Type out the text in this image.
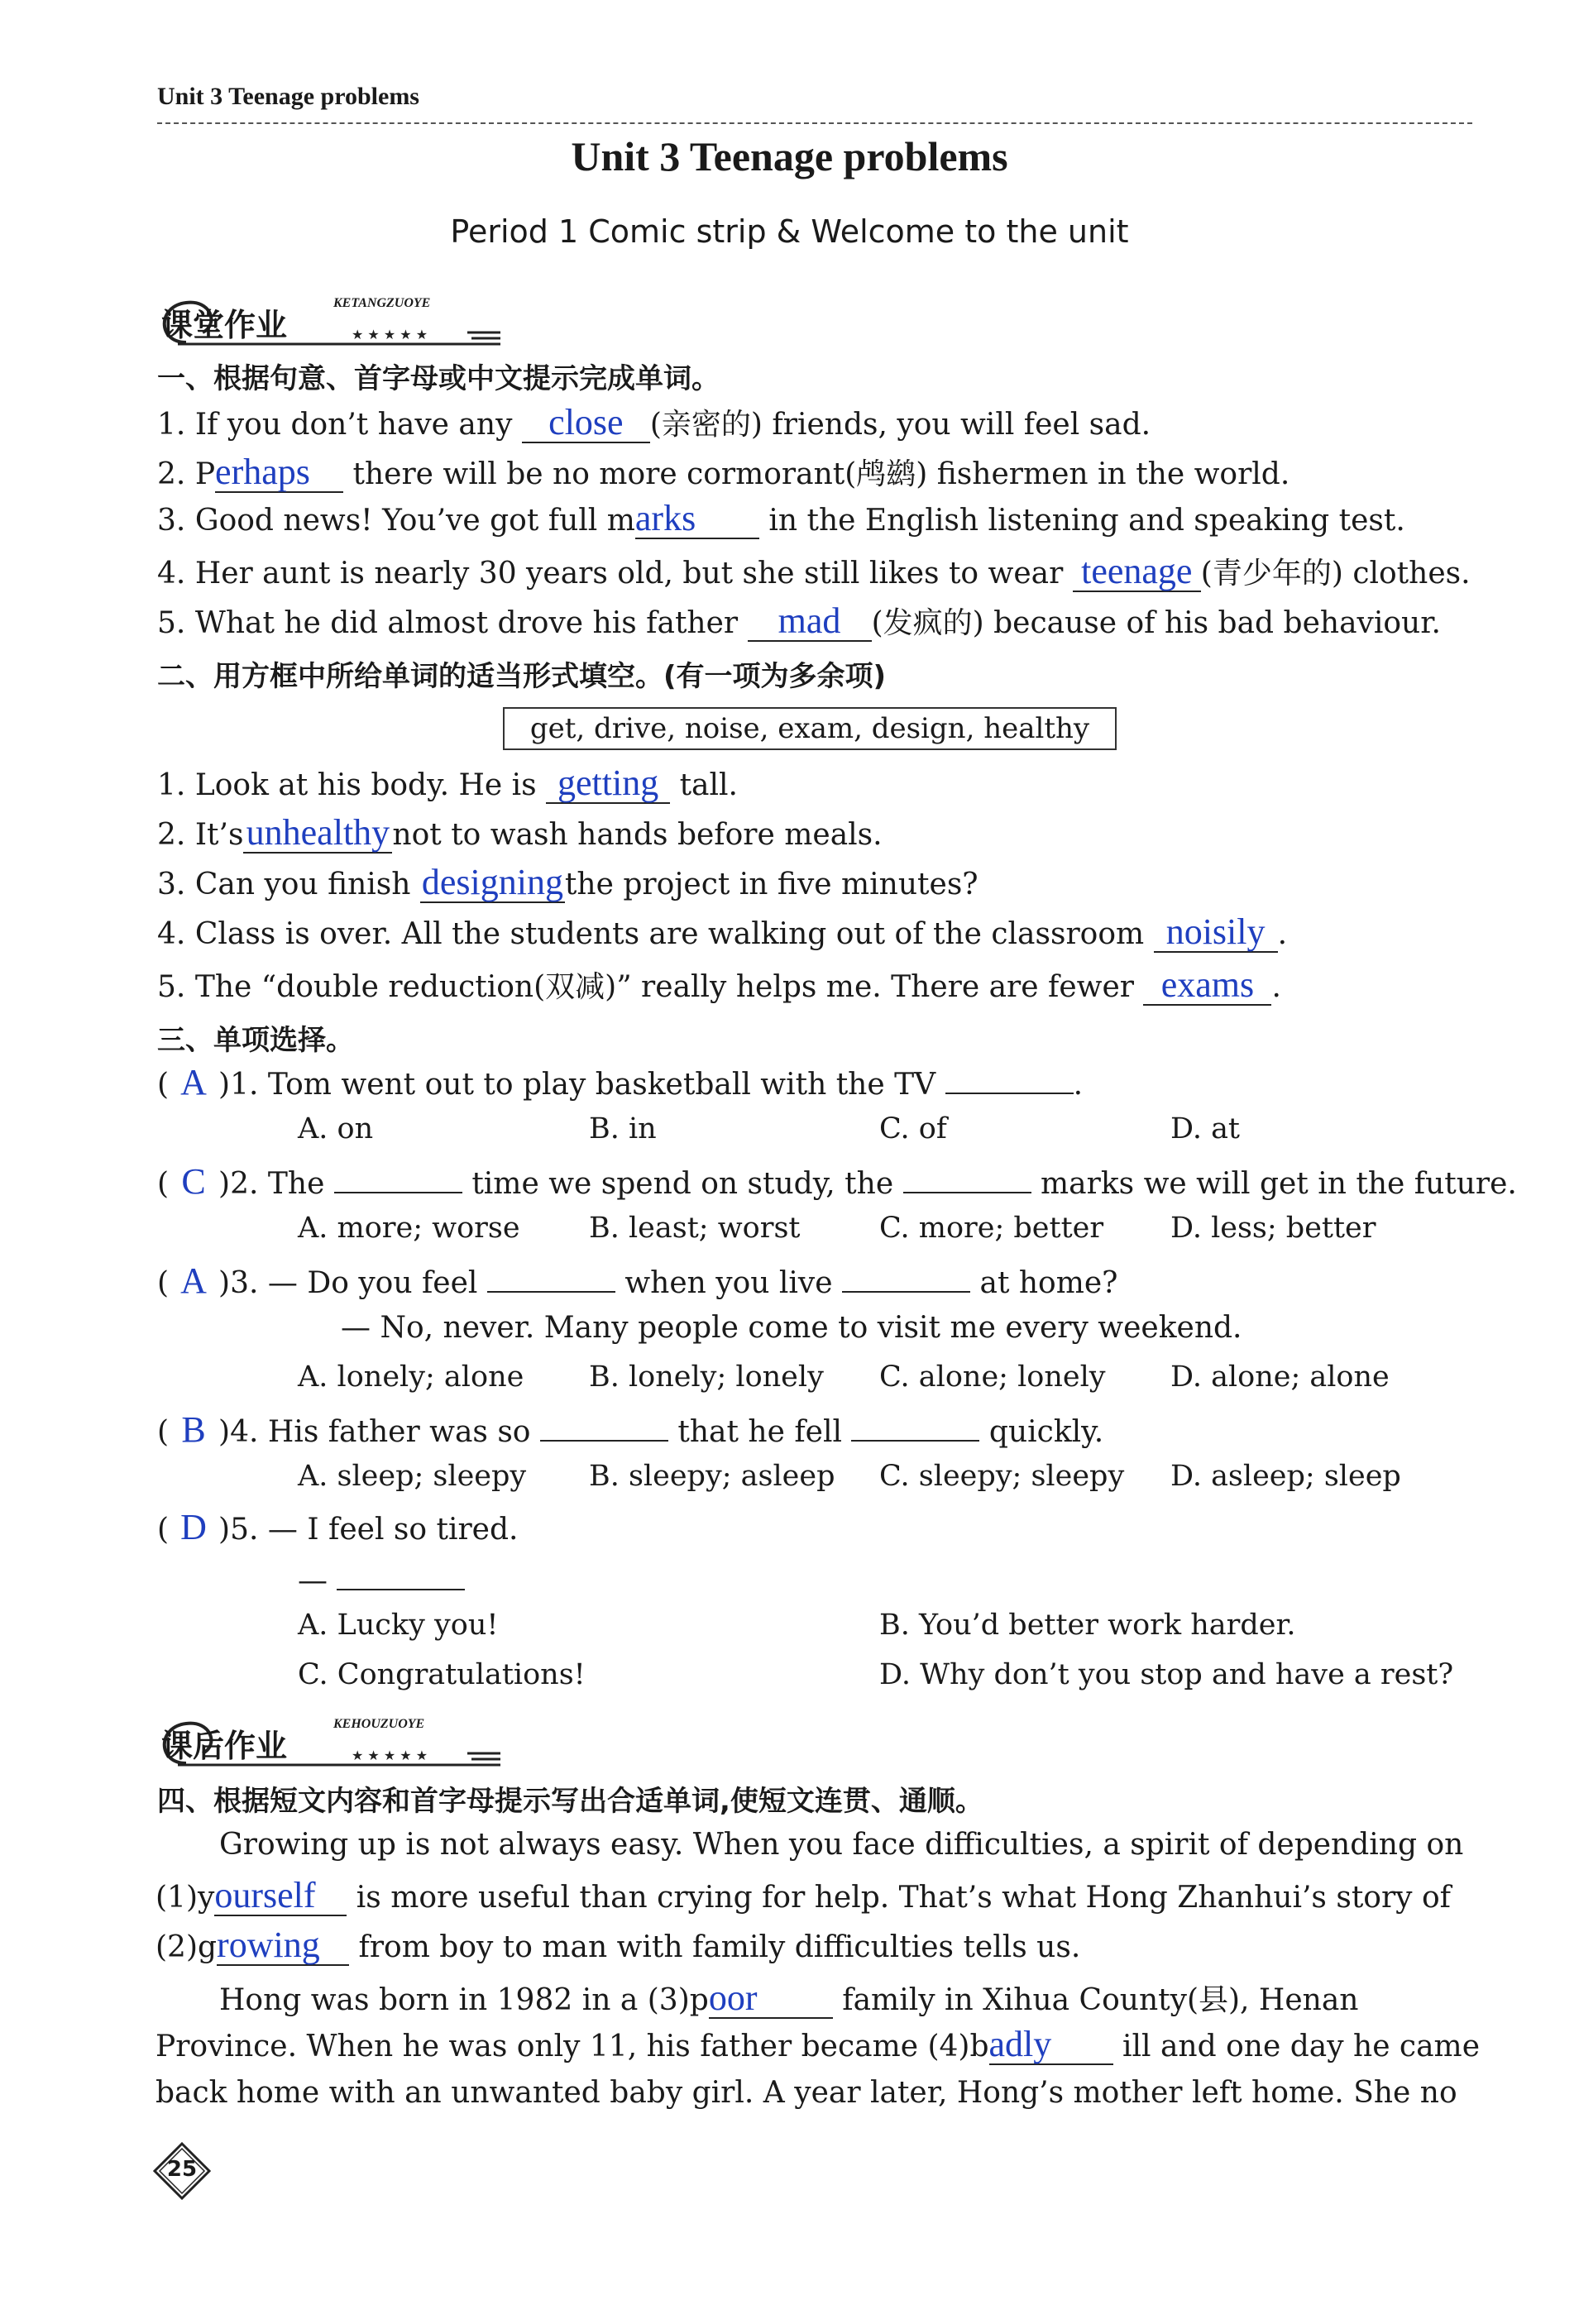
Unit 3 Teenage problems
Unit 3 Teenage problems
Period 1 Comic strip & Welcome to the unit
★ ★ ★ ★ ★
课堂作业
KETANGZUOYE
一、根据句意、首字母或中文提示完成单词。
1. If you don’t have any close (亲密的) friends, you will feel sad.
2. Perhaps there will be no more cormorant(鸬鹚) fishermen in the world.
3. Good news! You’ve got full marks in the English listening and speaking test.
4. Her aunt is nearly 30 years old, but she still likes to wear teenage (青少年的) clothes.
5. What he did almost drove his father mad (发疯的) because of his bad behaviour.
二、用方框中所给单词的适当形式填空。(有一项为多余项)
get, drive, noise, exam, design, healthy
1. Look at his body. He is getting tall.
2. It’sunhealthynot to wash hands before meals.
3. Can you finish designingthe project in five minutes?
4. Class is over. All the students are walking out of the classroom noisily .
5. The “double reduction(双减)” really helps me. There are fewer exams .
三、单项选择。
( A )1. Tom went out to play basketball with the TV	.
A. on	B. in	C. of	D. at
( C )2. The	time we spend on study, the	marks we will get in the future.
A. more; worse B. least; worst	C. more; better D. less; better
( A )3. — Do you feel	when you live	at home?
— No, never. Many people come to visit me every weekend.
A. lonely; alone B. lonely; lonely C. alone; lonely D. alone; alone
( B )4. His father was so	that he fell	quickly.
A. sleep; sleepy B. sleepy; asleep C. sleepy; sleepy D. asleep; sleep
( D )5. — I feel so tired.
—
A. Lucky you!	B. You’d better work harder.
C. Congratulations!	D. Why don’t you stop and have a rest?
★ ★ ★ ★ ★
课后作业
KEHOUZUOYE
四、根据短文内容和首字母提示写出合适单词,使短文连贯、通顺。
Growing up is not always easy. When you face difficulties, a spirit of depending on
(1)yourself is more useful than crying for help. That’s what Hong Zhanhui’s story of
(2)growing from boy to man with family difficulties tells us.
Hong was born in 1982 in a (3)poor	family in Xihua County(县), Henan
Province. When he was only 11, his father became (4)badly ill and one day he came
back home with an unwanted baby girl. A year later, Hong’s mother left home. She no
25
